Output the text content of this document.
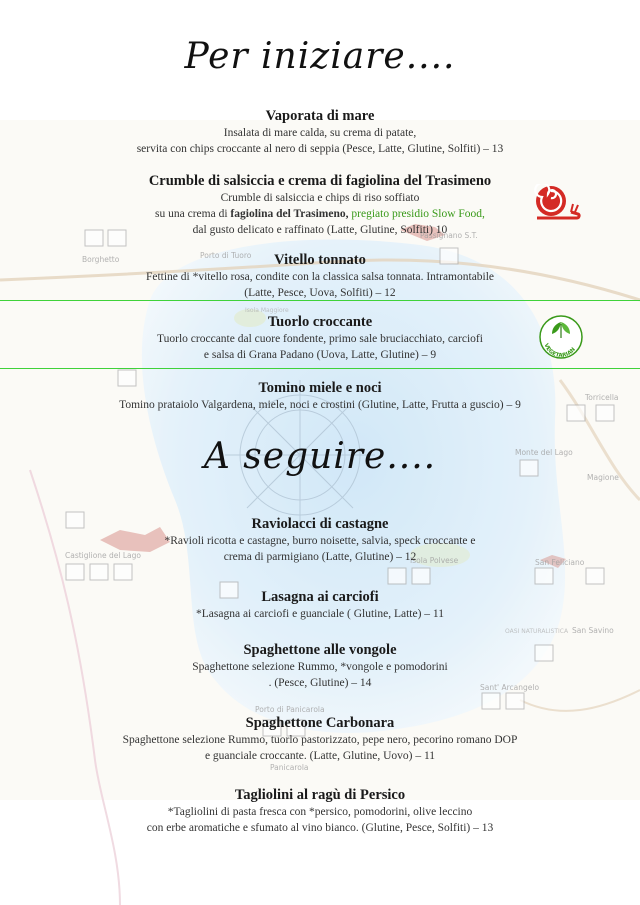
Borghetto	Porto di Tuoro
Passignano S.T.
Monte del Lago
Magione
Torricella
Castiglione del Lago
Isola Polvese	San Feliciano
San Savino
Sant' Arcangelo
Porto di Panicarola
Panicarola
Isola Maggiore
OASI NATURALISTICA
Per iniziare....
Vaporata di mare
Insalata di mare calda, su crema di patate,
servita con chips croccante al nero di seppia (Pesce, Latte, Glutine, Solfiti) – 13
Crumble di salsiccia e crema di fagiolina del Trasimeno
Crumble di salsiccia e chips di riso soffiato
su una crema di fagiolina del Trasimeno, pregiato presidio Slow Food,
dal gusto delicato e raffinato (Latte, Glutine, Solfiti) 10
Vitello tonnato
Fettine di *vitello rosa, condite con la classica salsa tonnata. Intramontabile
(Latte, Pesce, Uova, Solfiti) – 12
Tuorlo croccante
Tuorlo croccante dal cuore fondente, primo sale bruciacchiato, carciofi
e salsa di Grana Padano (Uova, Latte, Glutine) – 9
VEGETARIAN
Tomino miele e noci
Tomino prataiolo Valgardena, miele, noci e crostini (Glutine, Latte, Frutta a guscio) – 9
A seguire....
Raviolacci di castagne
*Ravioli ricotta e castagne, burro noisette, salvia, speck croccante e
crema di parmigiano (Latte, Glutine) – 12
Lasagna ai carciofi
*Lasagna ai carciofi e guanciale ( Glutine, Latte) – 11
Spaghettone alle vongole
Spaghettone selezione Rummo, *vongole e pomodorini
. (Pesce, Glutine) – 14
Spaghettone Carbonara
Spaghettone selezione Rummo, tuorlo pastorizzato, pepe nero, pecorino romano DOP
e guanciale croccante. (Latte, Glutine, Uovo) – 11
Tagliolini al ragù di Persico
*Tagliolini di pasta fresca con *persico, pomodorini, olive leccino
con erbe aromatiche e sfumato al vino bianco. (Glutine, Pesce, Solfiti) – 13
